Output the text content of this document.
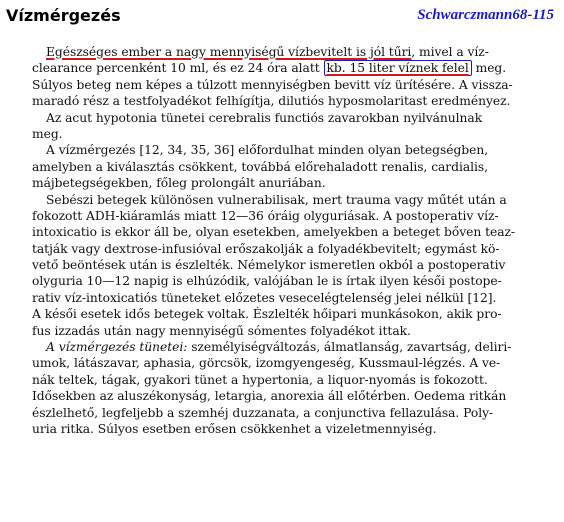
Vízmérgezés	Schwarczmann68-115
Egészséges ember a nagy mennyiségű vízbevitelt is jól tűri, mivel a víz-
clearance percenként 10 ml, és ez 24 óra alatt kb. 15 liter víznek felel meg.
Súlyos beteg nem képes a túlzott mennyiségben bevitt víz ürítésére. A vissza-
maradó rész a testfolyadékot felhígítja, dilutiós hyposmolaritast eredményez.
Az acut hypotonia tünetei cerebralis functiós zavarokban nyilvánulnak
meg.
A vízmérgezés [12, 34, 35, 36] előfordulhat minden olyan betegségben,
amelyben a kiválasztás csökkent, továbbá előrehaladott renalis, cardialis,
májbetegségekben, főleg prolongált anuriában.
Sebészi betegek különösen vulnerabilisak, mert trauma vagy műtét után a
fokozott ADH-kiáramlás miatt 12—36 óráig olyguriásak. A postoperativ víz-
intoxicatio is ekkor áll be, olyan esetekben, amelyekben a beteget bőven teaz-
tatják vagy dextrose-infusióval erőszakolják a folyadékbevitelt; egymást kö-
vető beöntések után is észlelték. Némelykor ismeretlen okból a postoperativ
olyguria 10—12 napig is elhúzódik, valójában le is írtak ilyen késői postope-
rativ víz-intoxicatiós tüneteket előzetes vesecelégtelenség jelei nélkül [12].
A késői esetek idős betegek voltak. Észlelték hőipari munkásokon, akik pro-
fus izzadás után nagy mennyiségű sómentes folyadékot ittak.
A vízmérgezés tünetei: személyiségváltozás, álmatlanság, zavartság, deliri-
umok, látászavar, aphasia, görcsök, izomgyengeség, Kussmaul-légzés. A ve-
nák teltek, tágak, gyakori tünet a hypertonia, a liquor-nyomás is fokozott.
Idősekben az aluszékonyság, letargia, anorexia áll előtérben. Oedema ritkán
észlelhető, legfeljebb a szemhéj duzzanata, a conjunctiva fellazulása. Poly-
uria ritka. Súlyos esetben erősen csökkenhet a vizeletmennyiség.
